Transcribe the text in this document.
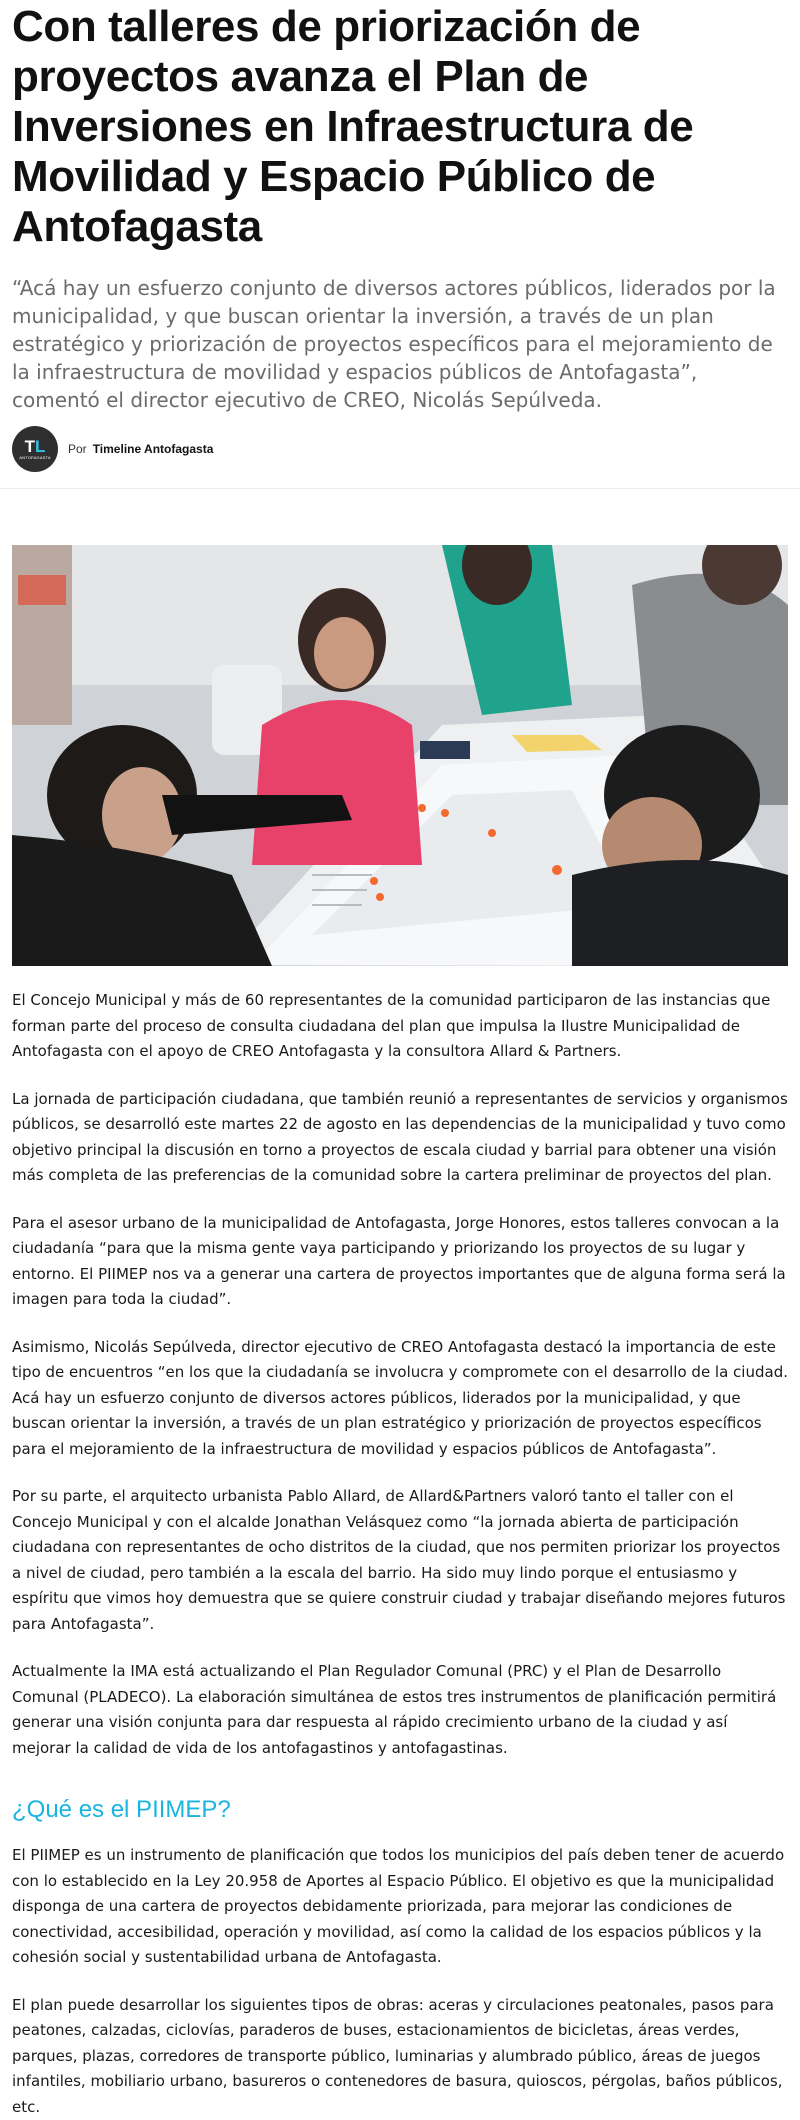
Con talleres de priorización de proyectos avanza el Plan de Inversiones en Infraestructura de Movilidad y Espacio Público de Antofagasta

“Acá hay un esfuerzo conjunto de diversos actores públicos, liderados por la municipalidad, y que buscan orientar la inversión, a través de un plan estratégico y priorización de proyectos específicos para el mejoramiento de la infraestructura de movilidad y espacios públicos de Antofagasta”, comentó el director ejecutivo de CREO, Nicolás Sepúlveda.

TL
ANTOFAGASTA
Por Timeline Antofagasta

El Concejo Municipal y más de 60 representantes de la comunidad participaron de las instancias que forman parte del proceso de consulta ciudadana del plan que impulsa la Ilustre Municipalidad de Antofagasta con el apoyo de CREO Antofagasta y la consultora Allard & Partners.

La jornada de participación ciudadana, que también reunió a representantes de servicios y organismos públicos, se desarrolló este martes 22 de agosto en las dependencias de la municipalidad y tuvo como objetivo principal la discusión en torno a proyectos de escala ciudad y barrial para obtener una visión más completa de las preferencias de la comunidad sobre la cartera preliminar de proyectos del plan.

Para el asesor urbano de la municipalidad de Antofagasta, Jorge Honores, estos talleres convocan a la ciudadanía “para que la misma gente vaya participando y priorizando los proyectos de su lugar y entorno. El PIIMEP nos va a generar una cartera de proyectos importantes que de alguna forma será la imagen para toda la ciudad”.

Asimismo, Nicolás Sepúlveda, director ejecutivo de CREO Antofagasta destacó la importancia de este tipo de encuentros “en los que la ciudadanía se involucra y compromete con el desarrollo de la ciudad. Acá hay un esfuerzo conjunto de diversos actores públicos, liderados por la municipalidad, y que buscan orientar la inversión, a través de un plan estratégico y priorización de proyectos específicos para el mejoramiento de la infraestructura de movilidad y espacios públicos de Antofagasta”.

Por su parte, el arquitecto urbanista Pablo Allard, de Allard&Partners valoró tanto el taller con el Concejo Municipal y con el alcalde Jonathan Velásquez como “la jornada abierta de participación ciudadana con representantes de ocho distritos de la ciudad, que nos permiten priorizar los proyectos a nivel de ciudad, pero también a la escala del barrio. Ha sido muy lindo porque el entusiasmo y espíritu que vimos hoy demuestra que se quiere construir ciudad y trabajar diseñando mejores futuros para Antofagasta”.

Actualmente la IMA está actualizando el Plan Regulador Comunal (PRC) y el Plan de Desarrollo Comunal (PLADECO). La elaboración simultánea de estos tres instrumentos de planificación permitirá generar una visión conjunta para dar respuesta al rápido crecimiento urbano de la ciudad y así mejorar la calidad de vida de los antofagastinos y antofagastinas.

¿Qué es el PIIMEP?

El PIIMEP es un instrumento de planificación que todos los municipios del país deben tener de acuerdo con lo establecido en la Ley 20.958 de Aportes al Espacio Público. El objetivo es que la municipalidad disponga de una cartera de proyectos debidamente priorizada, para mejorar las condiciones de conectividad, accesibilidad, operación y movilidad, así como la calidad de los espacios públicos y la cohesión social y sustentabilidad urbana de Antofagasta.

El plan puede desarrollar los siguientes tipos de obras: aceras y circulaciones peatonales, pasos para peatones, calzadas, ciclovías, paraderos de buses, estacionamientos de bicicletas, áreas verdes, parques, plazas, corredores de transporte público, luminarias y alumbrado público, áreas de juegos infantiles, mobiliario urbano, basureros o contenedores de basura, quioscos, pérgolas, baños públicos, etc.
